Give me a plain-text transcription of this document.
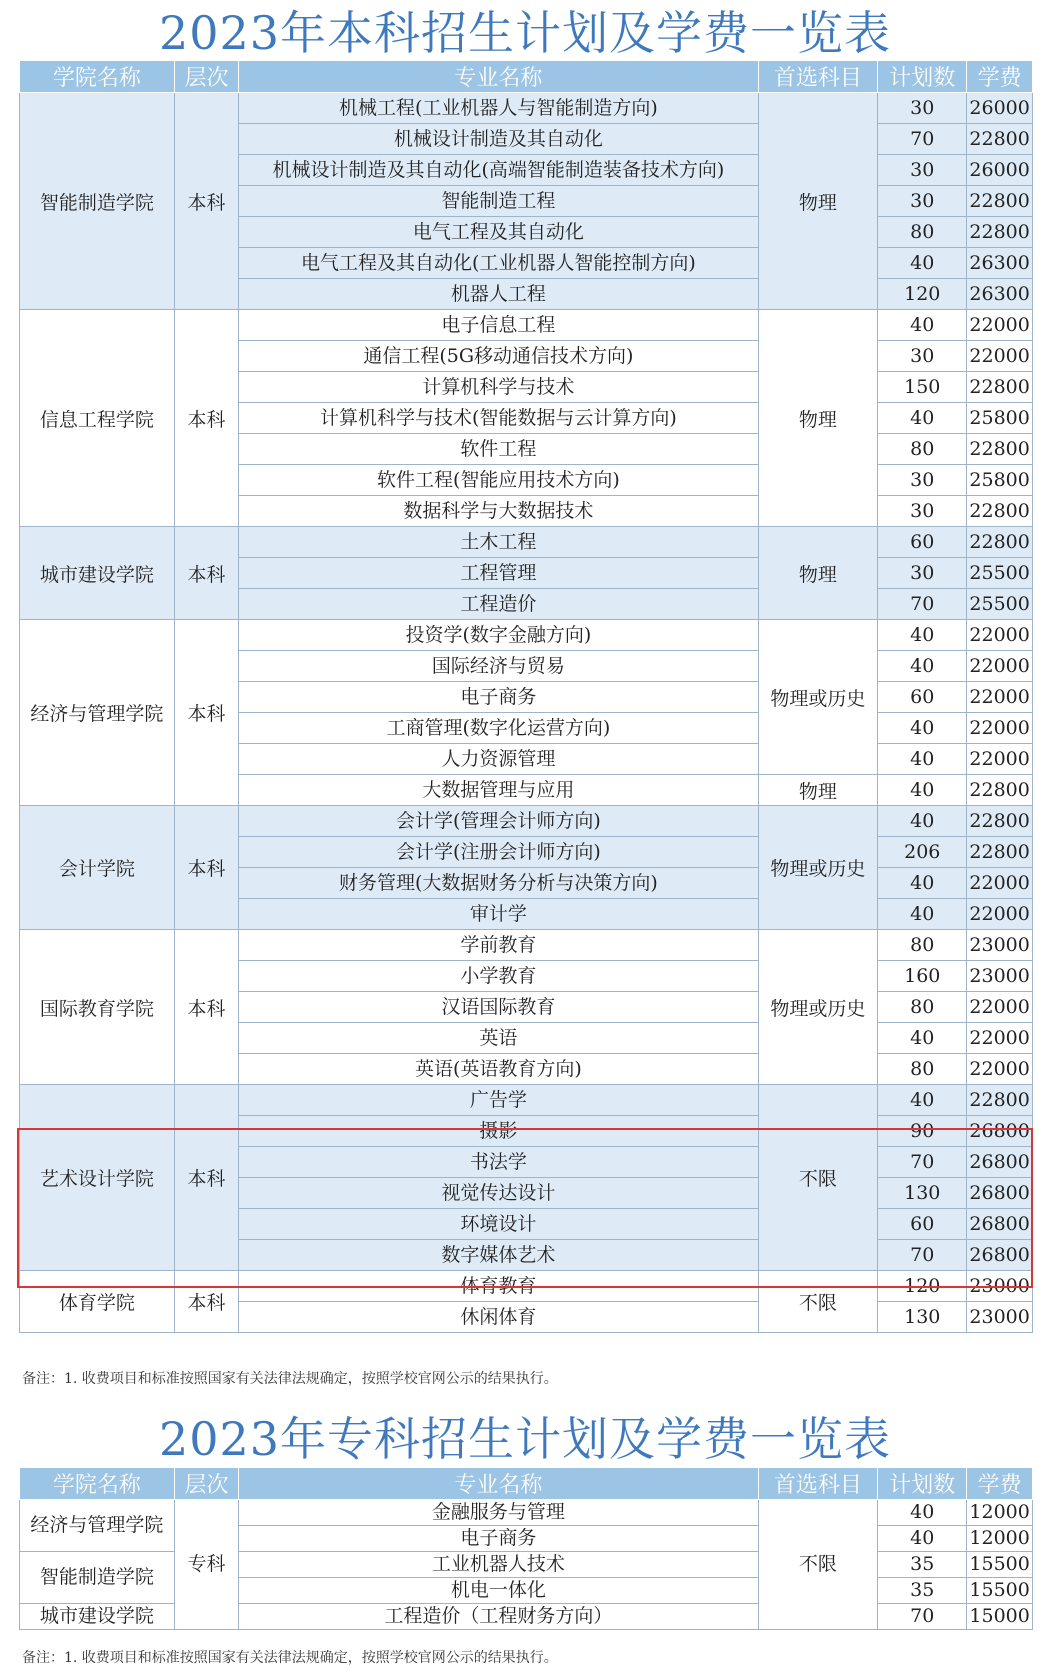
2023年本科招生计划及学费一览表
学院名称	层次	专业名称	首选科目	计划数	学费
智能制造学院	本科	机械工程(工业机器人与智能制造方向)	物理	30	26000
		机械设计制造及其自动化		70	22800
		机械设计制造及其自动化(高端智能制造装备技术方向)		30	26000
		智能制造工程		30	22800
		电气工程及其自动化		80	22800
		电气工程及其自动化(工业机器人智能控制方向)		40	26300
		机器人工程		120	26300
信息工程学院	本科	电子信息工程	物理	40	22000
		通信工程(5G移动通信技术方向)		30	22000
		计算机科学与技术		150	22800
		计算机科学与技术(智能数据与云计算方向)		40	25800
		软件工程		80	22800
		软件工程(智能应用技术方向)		30	25800
		数据科学与大数据技术		30	22800
城市建设学院	本科	土木工程	物理	60	22800
		工程管理		30	25500
		工程造价		70	25500
经济与管理学院	本科	投资学(数字金融方向)	物理或历史	40	22000
		国际经济与贸易		40	22000
		电子商务		60	22000
		工商管理(数字化运营方向)		40	22000
		人力资源管理		40	22000
		大数据管理与应用	物理	40	22800
会计学院	本科	会计学(管理会计师方向)	物理或历史	40	22800
		会计学(注册会计师方向)		206	22800
		财务管理(大数据财务分析与决策方向)		40	22000
		审计学		40	22000
国际教育学院	本科	学前教育	物理或历史	80	23000
		小学教育		160	23000
		汉语国际教育		80	22000
		英语		40	22000
		英语(英语教育方向)		80	22000
艺术设计学院	本科	广告学	不限	40	22800
		摄影		90	26800
		书法学		70	26800
		视觉传达设计		130	26800
		环境设计		60	26800
		数字媒体艺术		70	26800
体育学院	本科	体育教育	不限	120	23000
		休闲体育		130	23000
备注：1. 收费项目和标准按照国家有关法律法规确定，按照学校官网公示的结果执行。
2023年专科招生计划及学费一览表
学院名称	层次	专业名称	首选科目	计划数	学费
经济与管理学院	专科	金融服务与管理	不限	40	12000
		电子商务		40	12000
智能制造学院		工业机器人技术		35	15500
		机电一体化		35	15500
城市建设学院		工程造价（工程财务方向）		70	15000
备注：1. 收费项目和标准按照国家有关法律法规确定，按照学校官网公示的结果执行。
